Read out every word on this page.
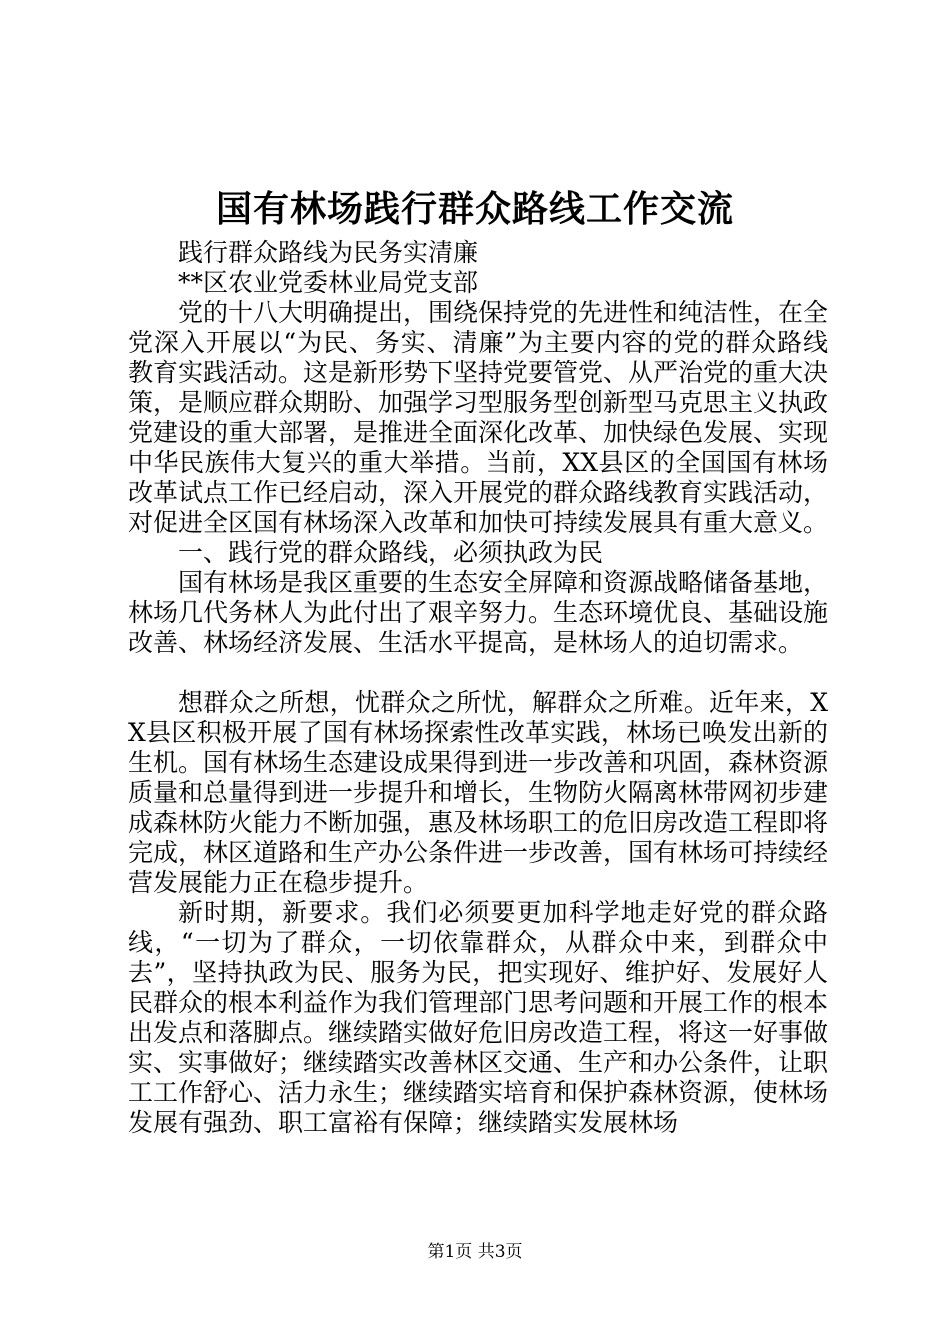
国有林场践行群众路线工作交流

践行群众路线为民务实清廉

**区农业党委林业局党支部

党的十八大明确提出，围绕保持党的先进性和纯洁性，在全党深入开展以“为民、务实、清廉”为主要内容的党的群众路线教育实践活动。这是新形势下坚持党要管党、从严治党的重大决策，是顺应群众期盼、加强学习型服务型创新型马克思主义执政党建设的重大部署，是推进全面深化改革、加快绿色发展、实现中华民族伟大复兴的重大举措。当前，XX县区的全国国有林场改革试点工作已经启动，深入开展党的群众路线教育实践活动，对促进全区国有林场深入改革和加快可持续发展具有重大意义。

一、践行党的群众路线，必须执政为民

国有林场是我区重要的生态安全屏障和资源战略储备基地，林场几代务林人为此付出了艰辛努力。生态环境优良、基础设施改善、林场经济发展、生活水平提高，是林场人的迫切需求。

想群众之所想，忧群众之所忧，解群众之所难。近年来，XX县区积极开展了国有林场探索性改革实践，林场已唤发出新的生机。国有林场生态建设成果得到进一步改善和巩固，森林资源质量和总量得到进一步提升和增长，生物防火隔离林带网初步建成森林防火能力不断加强，惠及林场职工的危旧房改造工程即将完成，林区道路和生产办公条件进一步改善，国有林场可持续经营发展能力正在稳步提升。

新时期，新要求。我们必须要更加科学地走好党的群众路线，“一切为了群众，一切依靠群众，从群众中来，到群众中去”，坚持执政为民、服务为民，把实现好、维护好、发展好人民群众的根本利益作为我们管理部门思考问题和开展工作的根本出发点和落脚点。继续踏实做好危旧房改造工程，将这一好事做实、实事做好；继续踏实改善林区交通、生产和办公条件，让职工工作舒心、活力永生；继续踏实培育和保护森林资源，使林场发展有强劲、职工富裕有保障；继续踏实发展林场

第1页 共3页
